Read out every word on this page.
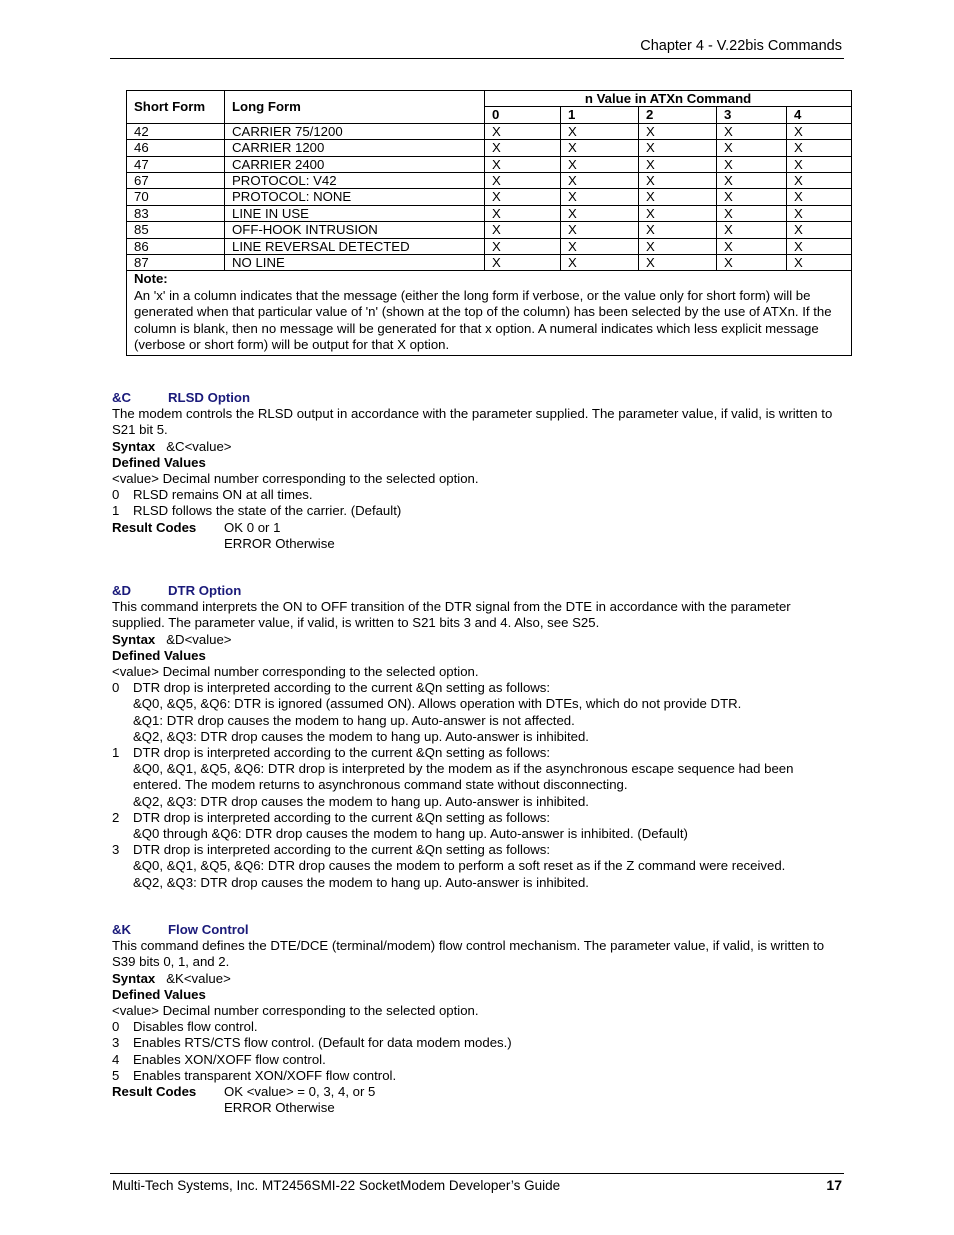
Chapter 4 - V.22bis Commands
Short Form	Long Form	n Value in ATXn Command				
		0	1	2	3	4
42	CARRIER 75/1200	X	X	X	X	X
46	CARRIER 1200	X	X	X	X	X
47	CARRIER 2400	X	X	X	X	X
67	PROTOCOL: V42	X	X	X	X	X
70	PROTOCOL: NONE	X	X	X	X	X
83	LINE IN USE	X	X	X	X	X
85	OFF-HOOK INTRUSION	X	X	X	X	X
86	LINE REVERSAL DETECTED	X	X	X	X	X
87	NO LINE	X	X	X	X	X

Note:
An 'x' in a column indicates that the message (either the long form if verbose, or the value only for short form) will be generated when that particular value of 'n' (shown at the top of the column) has been selected by the use of ATXn. If the column is blank, then no message will be generated for that x option. A numeral indicates which less explicit message (verbose or short form) will be output for that X option.						
&C	RLSD Option
The modem controls the RLSD output in accordance with the parameter supplied. The parameter value, if valid, is written to S21 bit 5.
Syntax &C<value>
Defined Values
<value> Decimal number corresponding to the selected option.
0	RLSD remains ON at all times.
1	RLSD follows the state of the carrier. (Default)
Result Codes	OK 0 or 1
ERROR Otherwise
&D	DTR Option
This command interprets the ON to OFF transition of the DTR signal from the DTE in accordance with the parameter supplied. The parameter value, if valid, is written to S21 bits 3 and 4. Also, see S25.
Syntax &D<value>
Defined Values
<value> Decimal number corresponding to the selected option.
0	DTR drop is interpreted according to the current &Qn setting as follows:
&Q0, &Q5, &Q6: DTR is ignored (assumed ON). Allows operation with DTEs, which do not provide DTR.
&Q1: DTR drop causes the modem to hang up. Auto-answer is not affected.
&Q2, &Q3: DTR drop causes the modem to hang up. Auto-answer is inhibited.
1	DTR drop is interpreted according to the current &Qn setting as follows:
&Q0, &Q1, &Q5, &Q6: DTR drop is interpreted by the modem as if the asynchronous escape sequence had been entered. The modem returns to asynchronous command state without disconnecting.
&Q2, &Q3: DTR drop causes the modem to hang up. Auto-answer is inhibited.
2	DTR drop is interpreted according to the current &Qn setting as follows:
&Q0 through &Q6: DTR drop causes the modem to hang up. Auto-answer is inhibited. (Default)
3	DTR drop is interpreted according to the current &Qn setting as follows:
&Q0, &Q1, &Q5, &Q6: DTR drop causes the modem to perform a soft reset as if the Z command were received.
&Q2, &Q3: DTR drop causes the modem to hang up. Auto-answer is inhibited.
&K	Flow Control
This command defines the DTE/DCE (terminal/modem) flow control mechanism. The parameter value, if valid, is written to S39 bits 0, 1, and 2.
Syntax &K<value>
Defined Values
<value> Decimal number corresponding to the selected option.
0	Disables flow control.
3	Enables RTS/CTS flow control. (Default for data modem modes.)
4	Enables XON/XOFF flow control.
5	Enables transparent XON/XOFF flow control.
Result Codes	OK <value> = 0, 3, 4, or 5
ERROR Otherwise
Multi-Tech Systems, Inc. MT2456SMI-22 SocketModem Developer’s Guide	17
